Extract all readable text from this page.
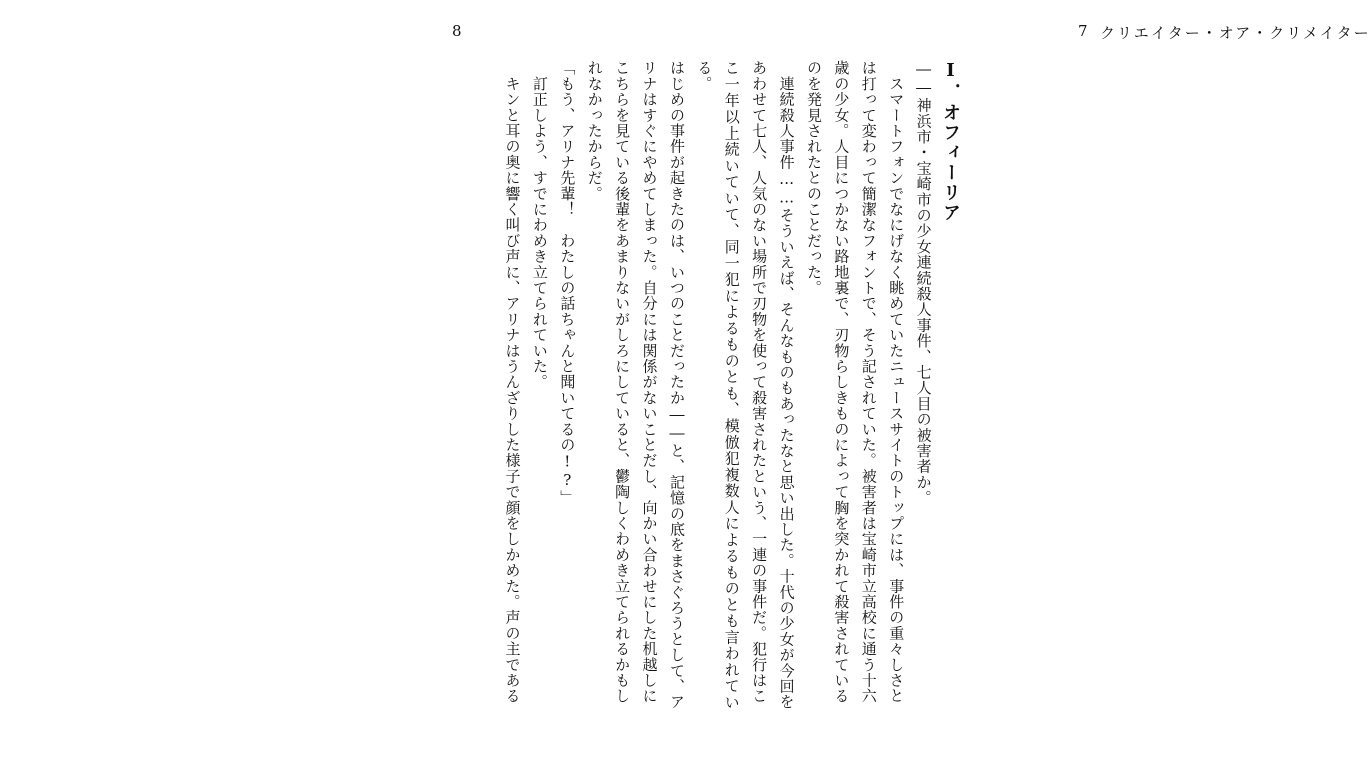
8	7 クリエイター・オア・クリメイター
Ⅰ．オフィーリア
――神浜市・宝崎市の少女連続殺人事件、七人目の被害者か。
　スマートフォンでなにげなく眺めていたニュースサイトのトップには、事件の重々しさと
は打って変わって簡潔なフォントで、そう記されていた。被害者は宝崎市立高校に通う十六
歳の少女。人目につかない路地裏で、刃物らしきものによって胸を突かれて殺害されている
のを発見されたとのことだった。
　連続殺人事件……そういえば、そんなものもあったなと思い出した。十代の少女が今回を
あわせて七人、人気のない場所で刃物を使って殺害されたという、一連の事件だ。犯行はこ
こ一年以上続いていて、同一犯によるものとも、模倣犯複数人によるものとも言われている。
はじめの事件が起きたのは、いつのことだったか――と、記憶の底をまさぐろうとして、ア
リナはすぐにやめてしまった。自分には関係がないことだし、向かい合わせにした机越しに
こちらを見ている後輩をあまりないがしろにしていると、鬱陶しくわめき立てられるかもし
れなかったからだ。
「もう、アリナ先輩！　わたしの話ちゃんと聞いてるの!?」
　訂正しよう、すでにわめき立てられていた。
　キンと耳の奥に響く叫び声に、アリナはうんざりした様子で顔をしかめた。声の主である
